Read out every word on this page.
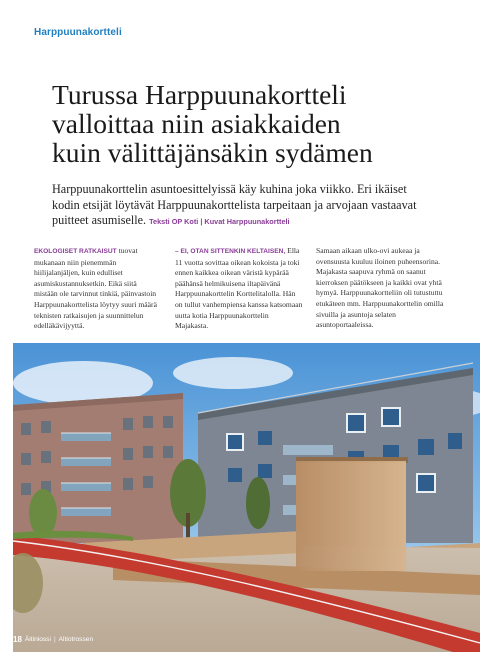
Harppuunakortteli
Turussa Harppuunakortteli
valloittaa niin asiakkaiden
kuin välittäjänsäkin sydämen

Harppuunakorttelin asuntoesittelyissä käy kuhina joka viikko. Eri ikäiset kodin etsijät löytävät Harppuunakorttelista tarpeitaan ja arvojaan vastaavat puitteet asumiselle. Teksti OP Koti | Kuvat Harppuunakortteli

EKOLOGISET RATKAISUT tuovat mukanaan niin pienemmän hiilijalanjäljen, kuin edulliset asumiskustannuksetkin. Eikä siitä mistään ole tarvinnut tinkiä, päinvastoin Harppuunakorttelista löytyy suuri määrä teknisten ratkaisujen ja suunnittelun edelläkävijyyttä.

– EI, OTAN SITTENKIN KELTAISEN, Ella 11 vuotta sovittaa oikean kokoista ja toki ennen kaikkea oikean väristä kypärää päähänsä helmikuisena iltapäivänä Harppuunakorttelin Korttelitalolla. Hän on tullut vanhempiensa kanssa katsomaan uutta kotia Harppuunakorttelin Majakasta.

Samaan aikaan ulko-ovi aukeaa ja ovensuusta kuuluu iloinen puheensorina. Majakasta saapuva ryhmä on saanut kierroksen päätökseen ja kaikki ovat yhtä hymyä. Harppuunakortteliin oli tutustuttu etukäteen mm. Harppuunakorttelin omilla sivuilla ja asuntoja selaten asuntoportaaleissa.

18 Äitiniossi | Altiotrossen
